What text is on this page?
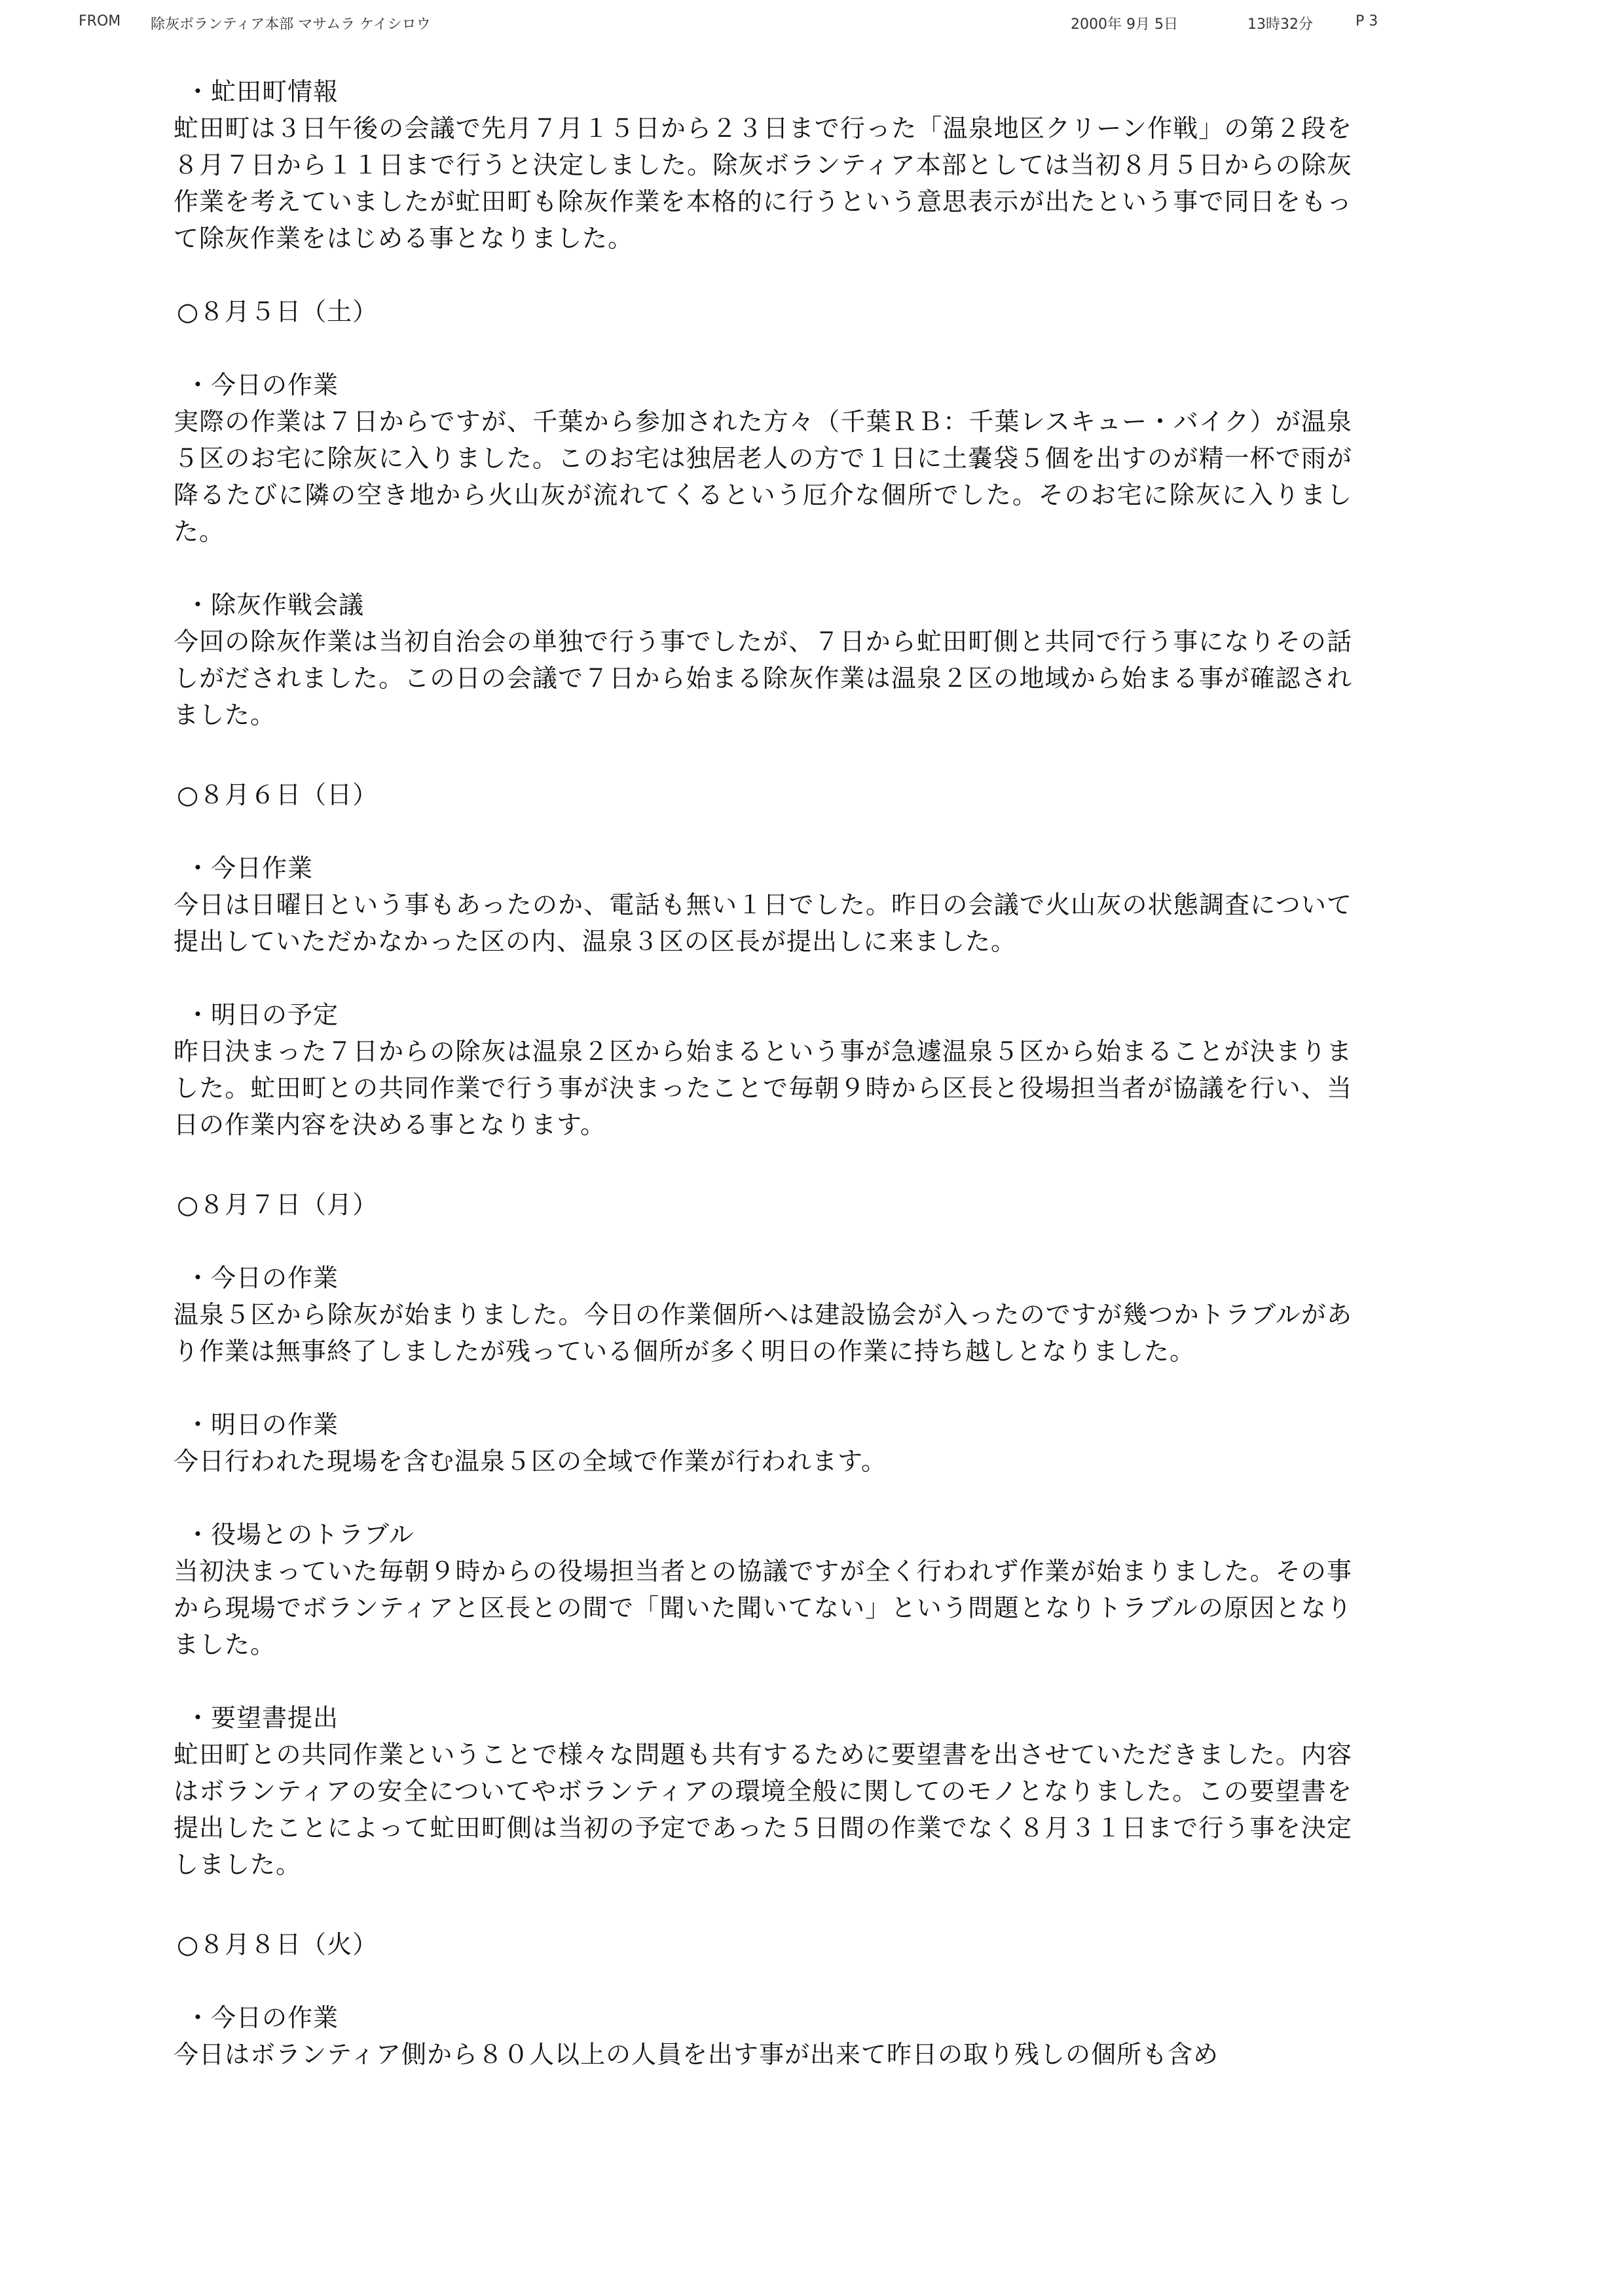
FROM 除灰ボランティア本部 マサムラ ケイシロウ	2000年 9月 5日	13時32分	P 3
・虻田町情報

虻田町は３日午後の会議で先月７月１５日から２３日まで行った「温泉地区クリーン作戦」の第２段を８月７日から１１日まで行うと決定しました。除灰ボランティア本部としては当初８月５日からの除灰作業を考えていましたが虻田町も除灰作業を本格的に行うという意思表示が出たという事で同日をもって除灰作業をはじめる事となりました。

○８月５日（土）
・今日の作業

実際の作業は７日からですが、千葉から参加された方々（千葉ＲＢ：千葉レスキュー・バイク）が温泉５区のお宅に除灰に入りました。このお宅は独居老人の方で１日に土嚢袋５個を出すのが精一杯で雨が降るたびに隣の空き地から火山灰が流れてくるという厄介な個所でした。そのお宅に除灰に入りました。

・除灰作戦会議

今回の除灰作業は当初自治会の単独で行う事でしたが、７日から虻田町側と共同で行う事になりその話しがだされました。この日の会議で７日から始まる除灰作業は温泉２区の地域から始まる事が確認されました。

○８月６日（日）
・今日作業

今日は日曜日という事もあったのか、電話も無い１日でした。昨日の会議で火山灰の状態調査について提出していただかなかった区の内、温泉３区の区長が提出しに来ました。

・明日の予定

昨日決まった７日からの除灰は温泉２区から始まるという事が急遽温泉５区から始まることが決まりました。虻田町との共同作業で行う事が決まったことで毎朝９時から区長と役場担当者が協議を行い、当日の作業内容を決める事となります。

○８月７日（月）
・今日の作業

温泉５区から除灰が始まりました。今日の作業個所へは建設協会が入ったのですが幾つかトラブルがあり作業は無事終了しましたが残っている個所が多く明日の作業に持ち越しとなりました。

・明日の作業

今日行われた現場を含む温泉５区の全域で作業が行われます。

・役場とのトラブル

当初決まっていた毎朝９時からの役場担当者との協議ですが全く行われず作業が始まりました。その事から現場でボランティアと区長との間で「聞いた聞いてない」という問題となりトラブルの原因となりました。

・要望書提出

虻田町との共同作業ということで様々な問題も共有するために要望書を出させていただきました。内容はボランティアの安全についてやボランティアの環境全般に関してのモノとなりました。この要望書を提出したことによって虻田町側は当初の予定であった５日間の作業でなく８月３１日まで行う事を決定しました。

○８月８日（火）
・今日の作業

今日はボランティア側から８０人以上の人員を出す事が出来て昨日の取り残しの個所も含め
